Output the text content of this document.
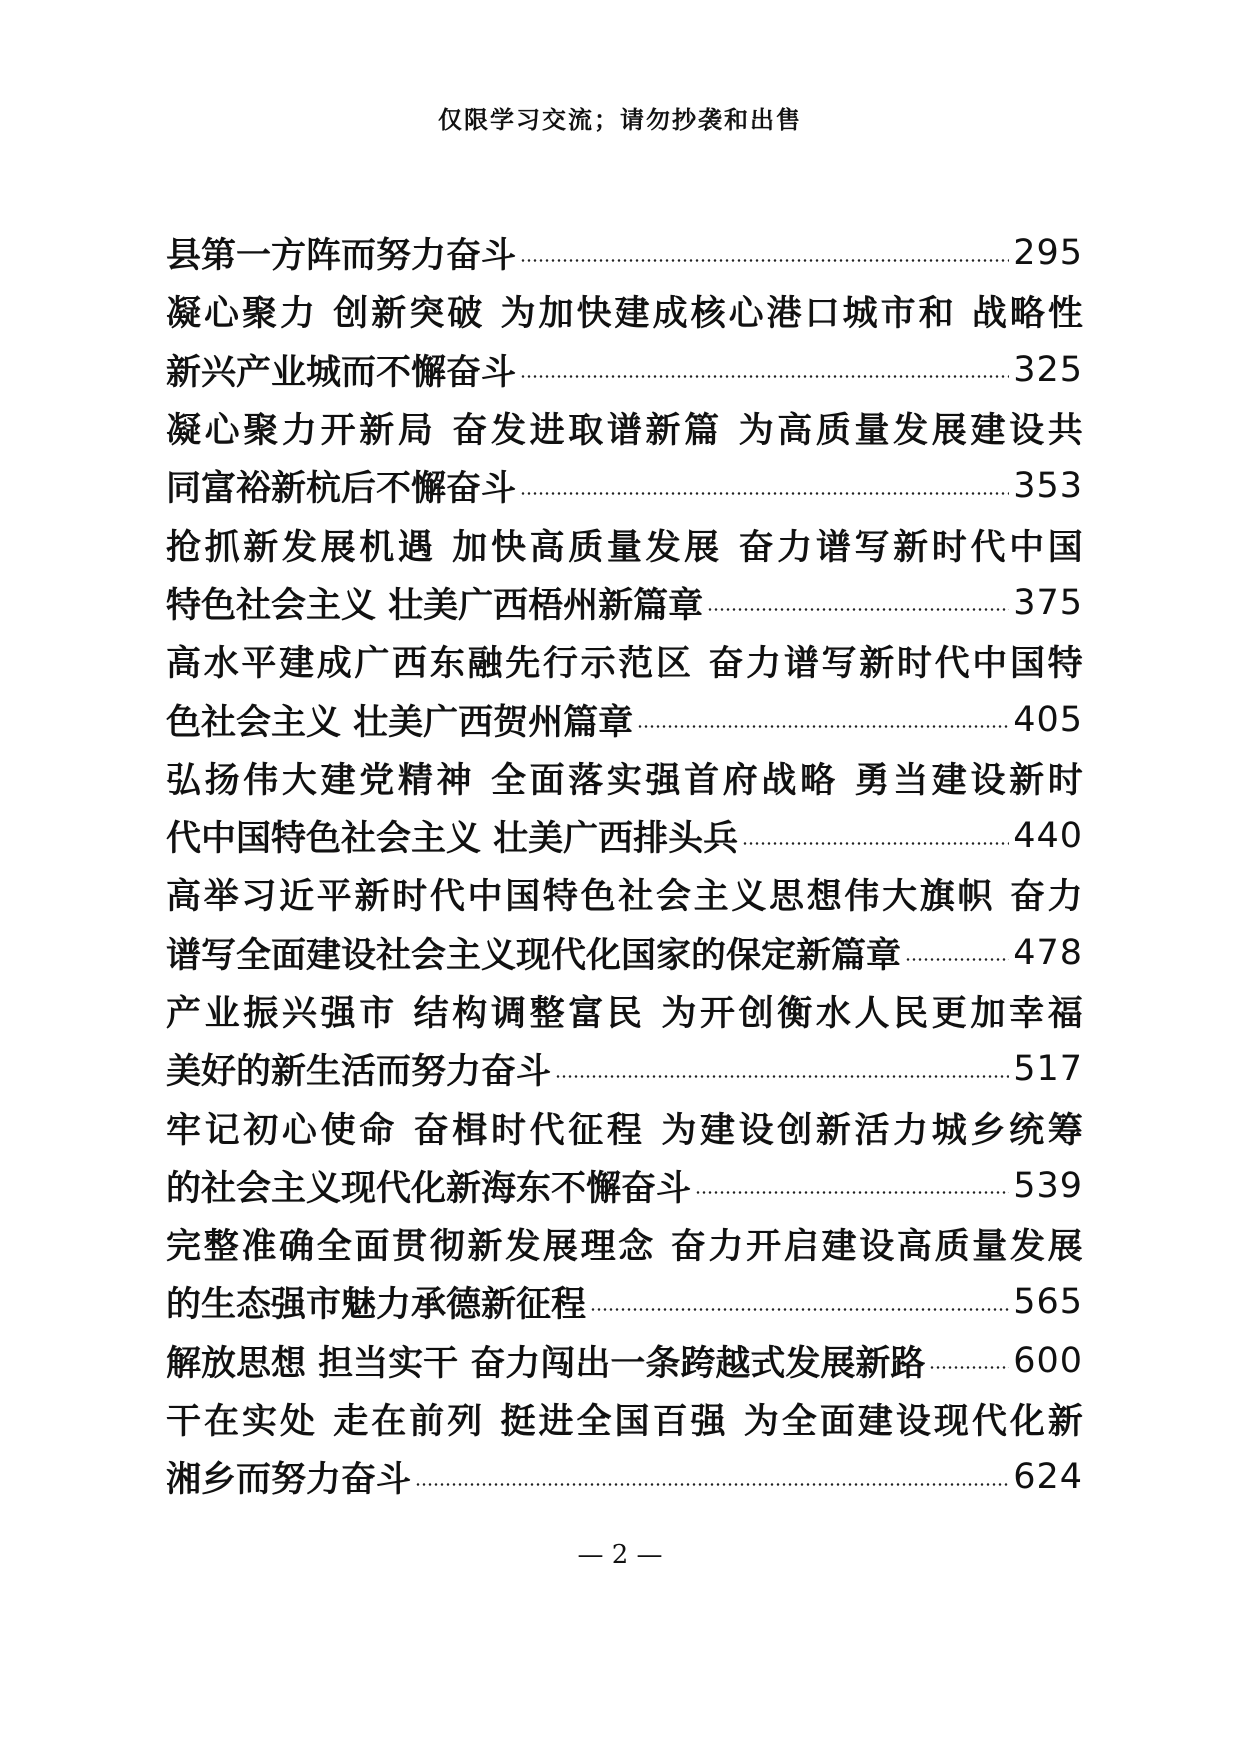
仅限学习交流；请勿抄袭和出售
县第一方阵而努力奋斗	295
凝 心 聚 力
创 新 突 破
为 加 快 建 成 核 心 港 口 城 市 和
战 略 性
新兴产业城而不懈奋斗	325
凝 心 聚 力 开 新 局
奋 发 进 取 谱 新 篇
为 高 质 量 发 展 建 设 共
同富裕新杭后不懈奋斗	353
抢 抓 新 发 展 机 遇
加 快 高 质 量 发 展
奋 力 谱 写 新 时 代 中 国
特色社会主义 壮美广西梧州新篇章	375
高 水 平 建 成 广 西 东 融 先 行 示 范 区
奋 力 谱 写 新 时 代 中 国 特
色社会主义 壮美广西贺州篇章	405
弘 扬 伟 大 建 党 精 神
全 面 落 实 强 首 府 战 略
勇 当 建 设 新 时
代中国特色社会主义 壮美广西排头兵	440
高 举 习 近 平 新 时 代 中 国 特 色 社 会 主 义 思 想 伟 大 旗 帜
奋 力
谱写全面建设社会主义现代化国家的保定新篇章	478
产 业 振 兴 强 市
结 构 调 整 富 民
为 开 创 衡 水 人 民 更 加 幸 福
美好的新生活而努力奋斗	517
牢 记 初 心 使 命
奋 楫 时 代 征 程
为 建 设 创 新 活 力 城 乡 统 筹
的社会主义现代化新海东不懈奋斗	539
完 整 准 确 全 面 贯 彻 新 发 展 理 念
奋 力 开 启 建 设 高 质 量 发 展
的生态强市魅力承德新征程	565
解放思想 担当实干 奋力闯出一条跨越式发展新路	600
干 在 实 处
走 在 前 列
挺 进 全 国 百 强
为 全 面 建 设 现 代 化 新
湘乡而努力奋斗	624
— 2 —
